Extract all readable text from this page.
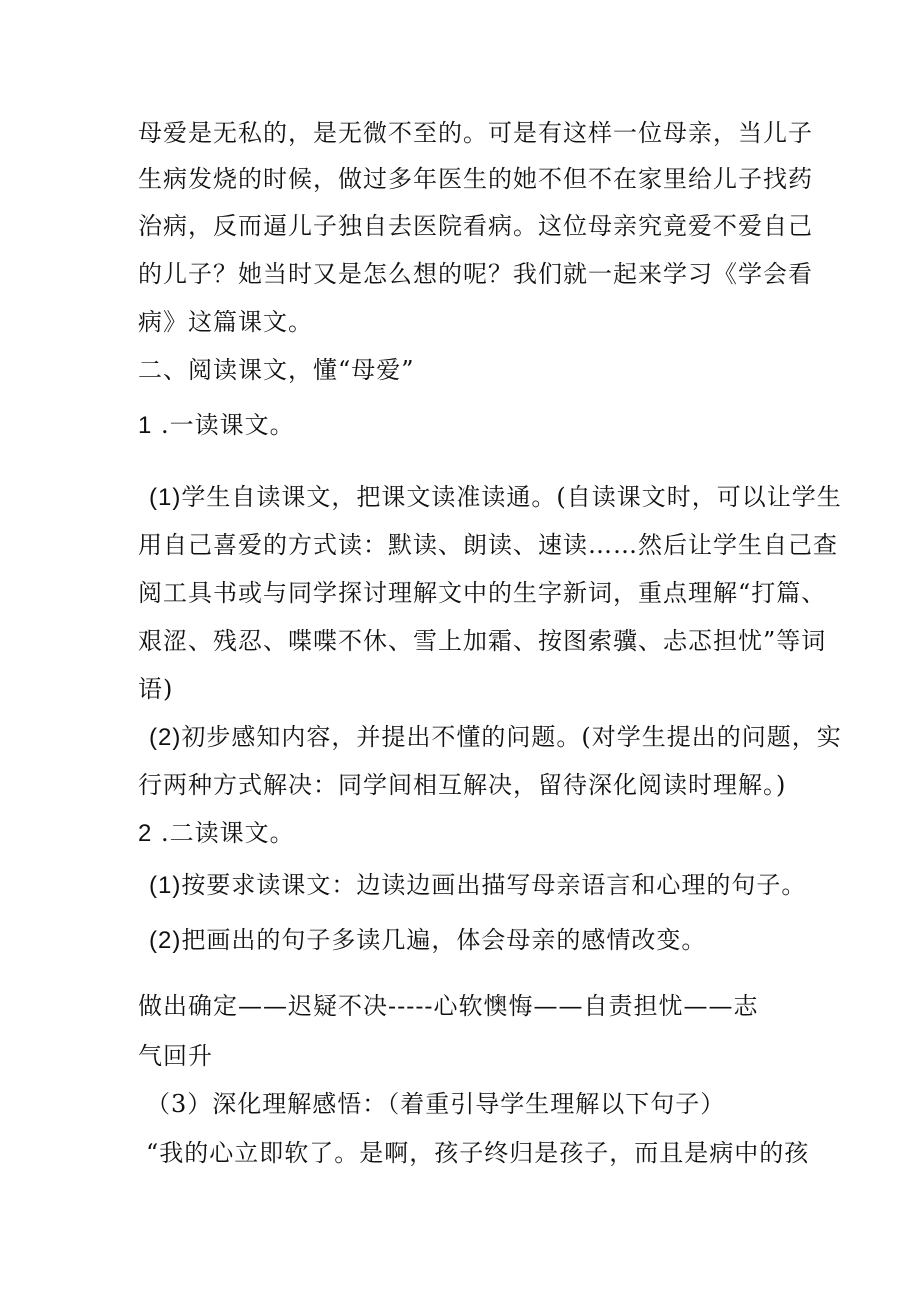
母爱是无私的，是无微不至的。可是有这样一位母亲，当儿子
生病发烧的时候，做过多年医生的她不但不在家里给儿子找药
治病，反而逼儿子独自去医院看病。这位母亲究竟爱不爱自己
的儿子？她当时又是怎么想的呢？我们就一起来学习《学会看
病》这篇课文。
二、阅读课文，懂“母爱”
1 .一读课文。
(1)学生自读课文，把课文读准读通。(自读课文时，可以让学生
用自己喜爱的方式读：默读、朗读、速读……然后让学生自己查
阅工具书或与同学探讨理解文中的生字新词，重点理解“打篇、
艰涩、残忍、喋喋不休、雪上加霜、按图索骥、忐忑担忧”等词
语)
(2)初步感知内容，并提出不懂的问题。(对学生提出的问题，实
行两种方式解决：同学间相互解决，留待深化阅读时理解。)
2 .二读课文。
(1)按要求读课文：边读边画出描写母亲语言和心理的句子。
(2)把画出的句子多读几遍，体会母亲的感情改变。
做出确定——迟疑不决-----心软懊悔——自责担忧——志
气回升
（3）深化理解感悟：（着重引导学生理解以下句子）
“我的心立即软了。是啊，孩子终归是孩子，而且是病中的孩
